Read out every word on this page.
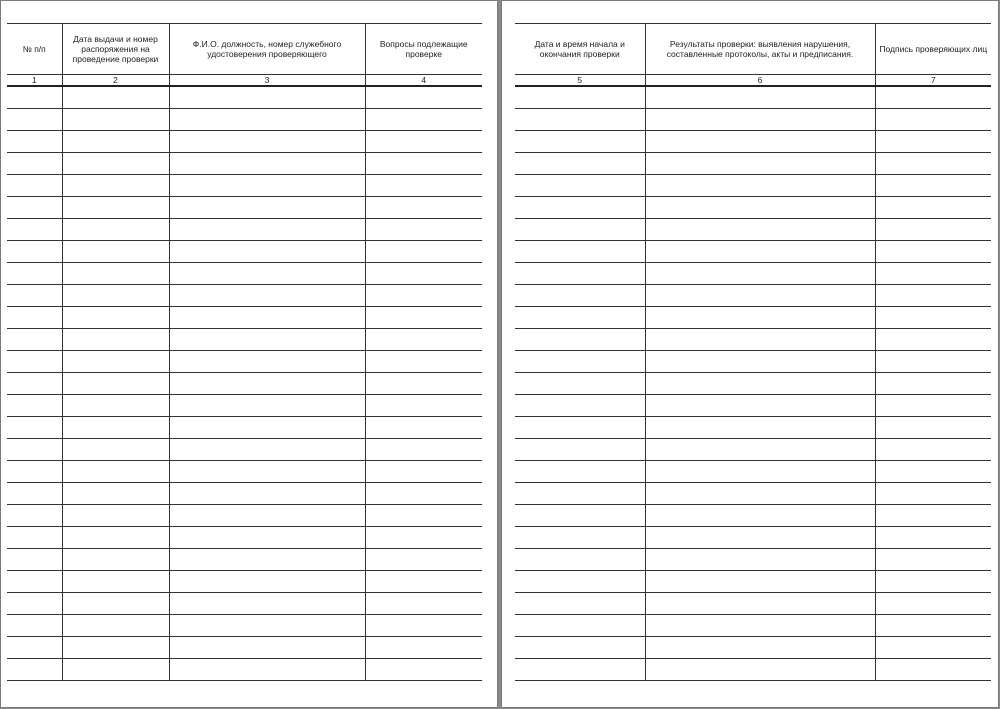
№ п/п	Дата выдачи и номер распоряжения на проведение проверки	Ф.И.О. должность, номер служебного удостоверения проверяющего	Вопросы подлежащие проверке
1	2	3	4

Дата и время начала и окончания проверки	Результаты проверки: выявления нарушения, составленные протоколы, акты и предписания.	Подпись проверяющих лиц
5	6	7
